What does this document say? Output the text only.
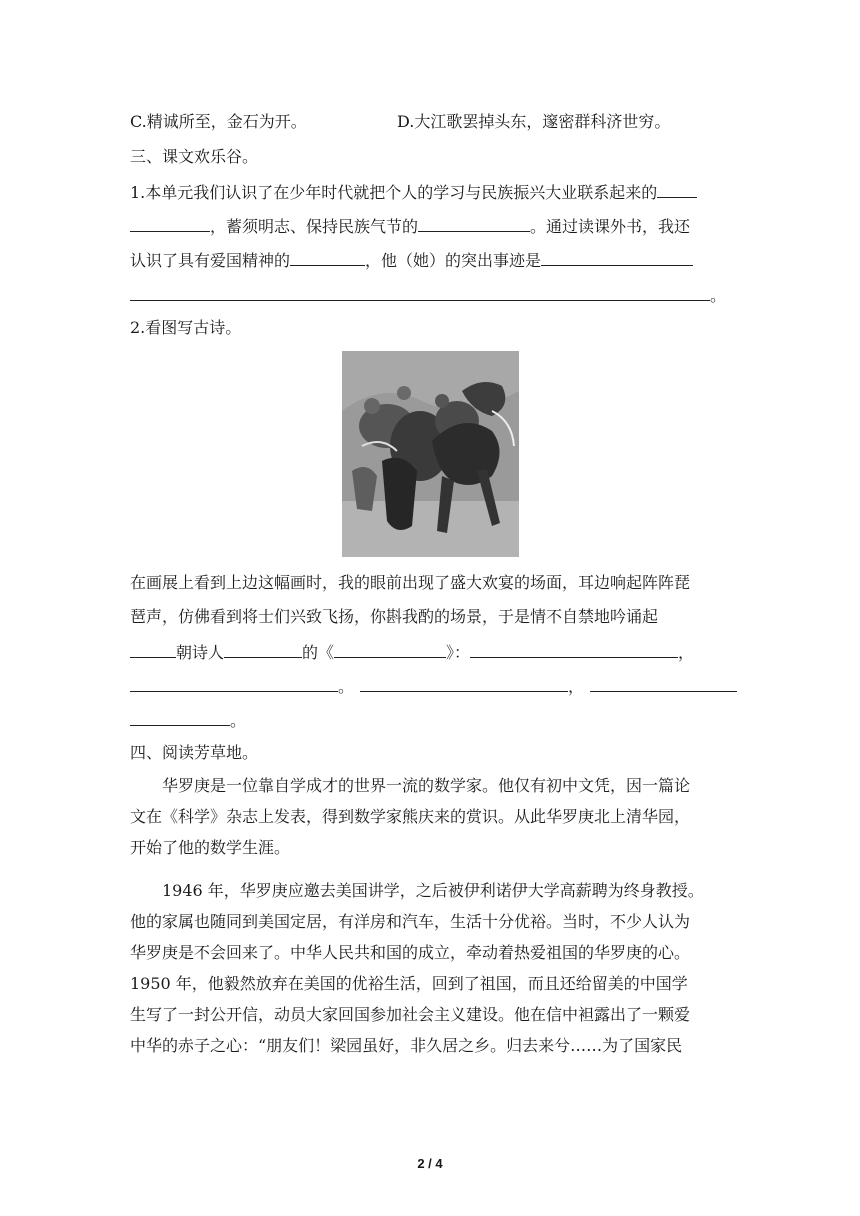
C.精诚所至，金石为开。	D.大江歌罢掉头东，邃密群科济世穷。
三、课文欢乐谷。
1.本单元我们认识了在少年时代就把个人的学习与民族振兴大业联系起来的
，蓄须明志、保持民族气节的	。通过读课外书，我还
认识了具有爱国精神的	，他（她）的突出事迹是
。
2.看图写古诗。
在画展上看到上边这幅画时，我的眼前出现了盛大欢宴的场面，耳边响起阵阵琵
琶声，仿佛看到将士们兴致飞扬，你斟我酌的场景，于是情不自禁地吟诵起
朝诗人	的《	》：	，
。	，
。
四、阅读芳草地。
华罗庚是一位靠自学成才的世界一流的数学家。他仅有初中文凭，因一篇论
文在《科学》杂志上发表，得到数学家熊庆来的赏识。从此华罗庚北上清华园，
开始了他的数学生涯。
1946 年，华罗庚应邀去美国讲学，之后被伊利诺伊大学高薪聘为终身教授。
他的家属也随同到美国定居，有洋房和汽车，生活十分优裕。当时，不少人认为
华罗庚是不会回来了。中华人民共和国的成立，牵动着热爱祖国的华罗庚的心。
1950 年，他毅然放弃在美国的优裕生活，回到了祖国，而且还给留美的中国学
生写了一封公开信，动员大家回国参加社会主义建设。他在信中袒露出了一颗爱
中华的赤子之心：“朋友们！梁园虽好，非久居之乡。归去来兮……为了国家民
2 / 4
